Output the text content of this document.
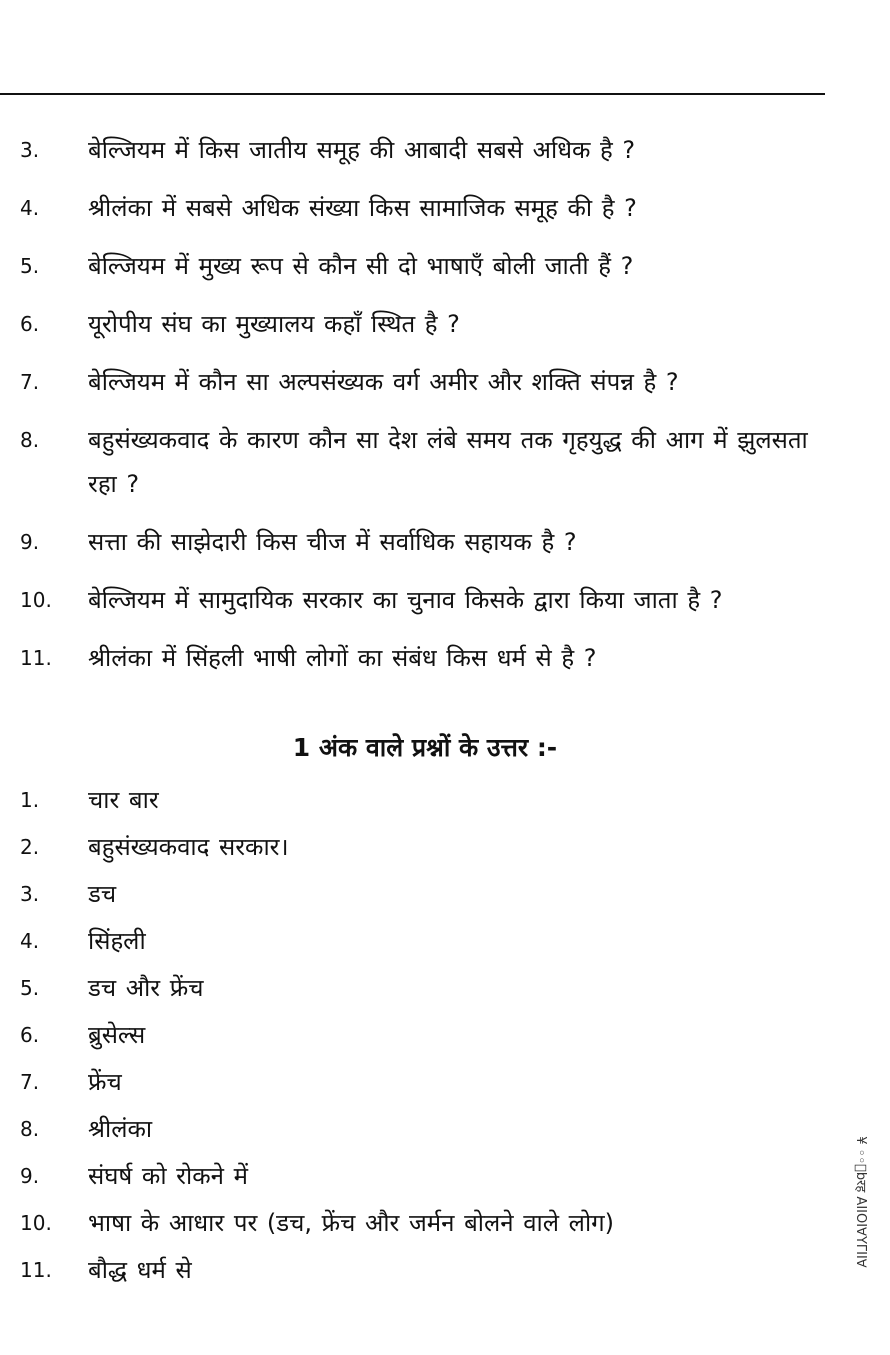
3. बेल्जियम में किस जातीय समूह की आबादी सबसे अधिक है ?
4. श्रीलंका में सबसे अधिक संख्या किस सामाजिक समूह की है ?
5. बेल्जियम में मुख्य रूप से कौन सी दो भाषाएँ बोली जाती हैं ?
6. यूरोपीय संघ का मुख्यालय कहाँ स्थित है ?
7. बेल्जियम में कौन सा अल्पसंख्यक वर्ग अमीर और शक्ति संपन्न है ?
8. बहुसंख्यकवाद के कारण कौन सा देश लंबे समय तक गृहयुद्ध की आग में झुलसता रहा ?
9. सत्ता की साझेदारी किस चीज में सर्वाधिक सहायक है ?
10. बेल्जियम में सामुदायिक सरकार का चुनाव किसके द्वारा किया जाता है ?
11. श्रीलंका में सिंहली भाषी लोगों का संबंध किस धर्म से है ?
1 अंक वाले प्रश्नों के उत्तर :-
1. चार बार
2. बहुसंख्यकवाद सरकार।
3. डच
4. सिंहली
5. डच और फ्रेंच
6. ब्रुसेल्स
7. फ्रेंच
8. श्रीलंका
9. संघर्ष को रोकने में
10. भाषा के आधार पर (डच, फ्रेंच और जर्मन बोलने वाले लोग)
11. बौद्ध धर्म से
¥ ◦◦ॅbरह ΑΙΙΟΙ∀ΥΓΙΙ∀
